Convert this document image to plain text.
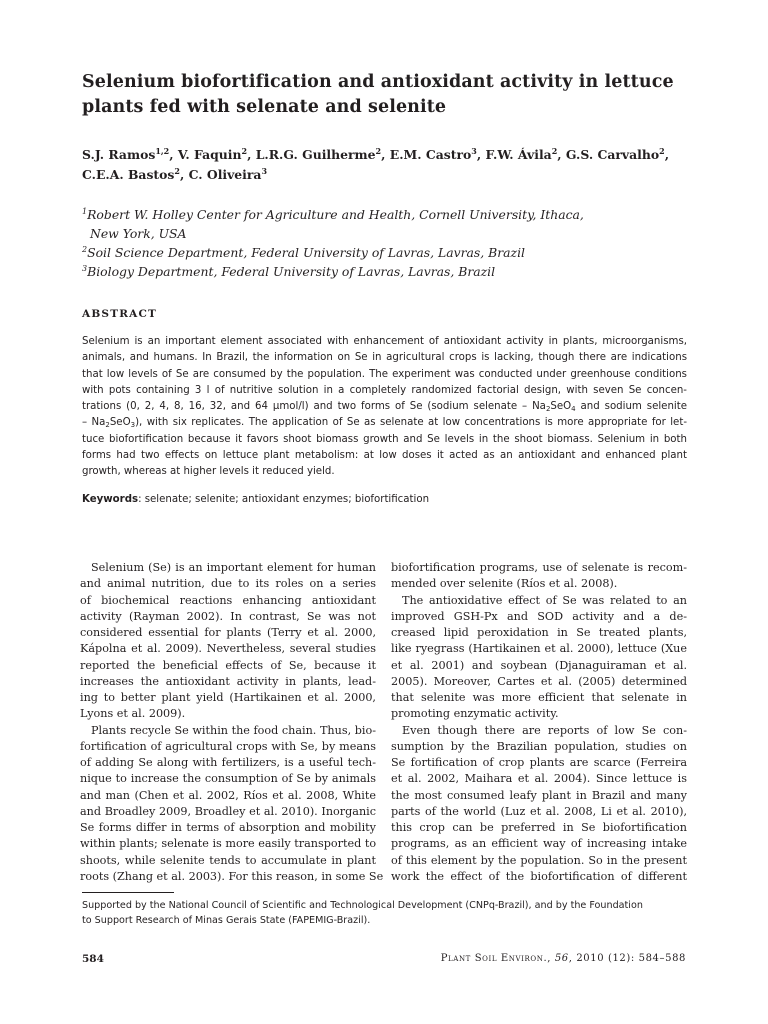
Selenium biofortification and antioxidant activity in lettuce
plants fed with selenate and selenite
S.J. Ramos$^{1,2}$, V. Faquin$^2$, L.R.G. Guilherme$^2$, E.M. Castro$^3$, F.W. Ávila$^2$, G.S. Carvalho$^2$,
C.E.A. Bastos$^2$, C. Oliveira$^3$
$^1$Robert W. Holley Center for Agriculture and Health, Cornell University, Ithaca,
New York, USA
$^2$Soil Science Department, Federal University of Lavras, Lavras, Brazil
$^3$Biology Department, Federal University of Lavras, Lavras, Brazil
ABSTRACT
Selenium is an important element associated with enhancement of antioxidant activity in plants, microorganisms,
animals, and humans. In Brazil, the information on Se in agricultural crops is lacking, though there are indications
that low levels of Se are consumed by the population. The experiment was conducted under greenhouse conditions
with pots containing 3 l of nutritive solution in a completely randomized factorial design, with seven Se concen-
trations (0, 2, 4, 8, 16, 32, and 64 µmol/l) and two forms of Se (sodium selenate – $Na_2SeO_4$ and sodium selenite
– $Na_2SeO_3$), with six replicates. The application of Se as selenate at low concentrations is more appropriate for let-
tuce biofortification because it favors shoot biomass growth and Se levels in the shoot biomass. Selenium in both
forms had two effects on lettuce plant metabolism: at low doses it acted as an antioxidant and enhanced plant
growth, whereas at higher levels it reduced yield.
Keywords: selenate; selenite; antioxidant enzymes; biofortification
Selenium (Se) is an important element for human
and animal nutrition, due to its roles on a series
of biochemical reactions enhancing antioxidant
activity (Rayman 2002). In contrast, Se was not
considered essential for plants (Terry et al. 2000,
Kápolna et al. 2009). Nevertheless, several studies
reported the beneficial effects of Se, because it
increases the antioxidant activity in plants, lead-
ing to better plant yield (Hartikainen et al. 2000,
Lyons et al. 2009).
Plants recycle Se within the food chain. Thus, bio-
fortification of agricultural crops with Se, by means
of adding Se along with fertilizers, is a useful tech-
nique to increase the consumption of Se by animals
and man (Chen et al. 2002, Ríos et al. 2008, White
and Broadley 2009, Broadley et al. 2010). Inorganic
Se forms differ in terms of absorption and mobility
within plants; selenate is more easily transported to
shoots, while selenite tends to accumulate in plant
roots (Zhang et al. 2003). For this reason, in some Se
biofortification programs, use of selenate is recom-
mended over selenite (Ríos et al. 2008).
The antioxidative effect of Se was related to an
improved GSH-Px and SOD activity and a de-
creased lipid peroxidation in Se treated plants,
like ryegrass (Hartikainen et al. 2000), lettuce (Xue
et al. 2001) and soybean (Djanaguiraman et al.
2005). Moreover, Cartes et al. (2005) determined
that selenite was more efficient that selenate in
promoting enzymatic activity.
Even though there are reports of low Se con-
sumption by the Brazilian population, studies on
Se fortification of crop plants are scarce (Ferreira
et al. 2002, Maihara et al. 2004). Since lettuce is
the most consumed leafy plant in Brazil and many
parts of the world (Luz et al. 2008, Li et al. 2010),
this crop can be preferred in Se biofortification
programs, as an efficient way of increasing intake
of this element by the population. So in the present
work the effect of the biofortification of different
Supported by the National Council of Scientific and Technological Development (CNPq-Brazil), and by the Foundation
to Support Research of Minas Gerais State (FAPEMIG-Brazil).
584	Plant Soil Environ., 56, 2010 (12): 584–588
